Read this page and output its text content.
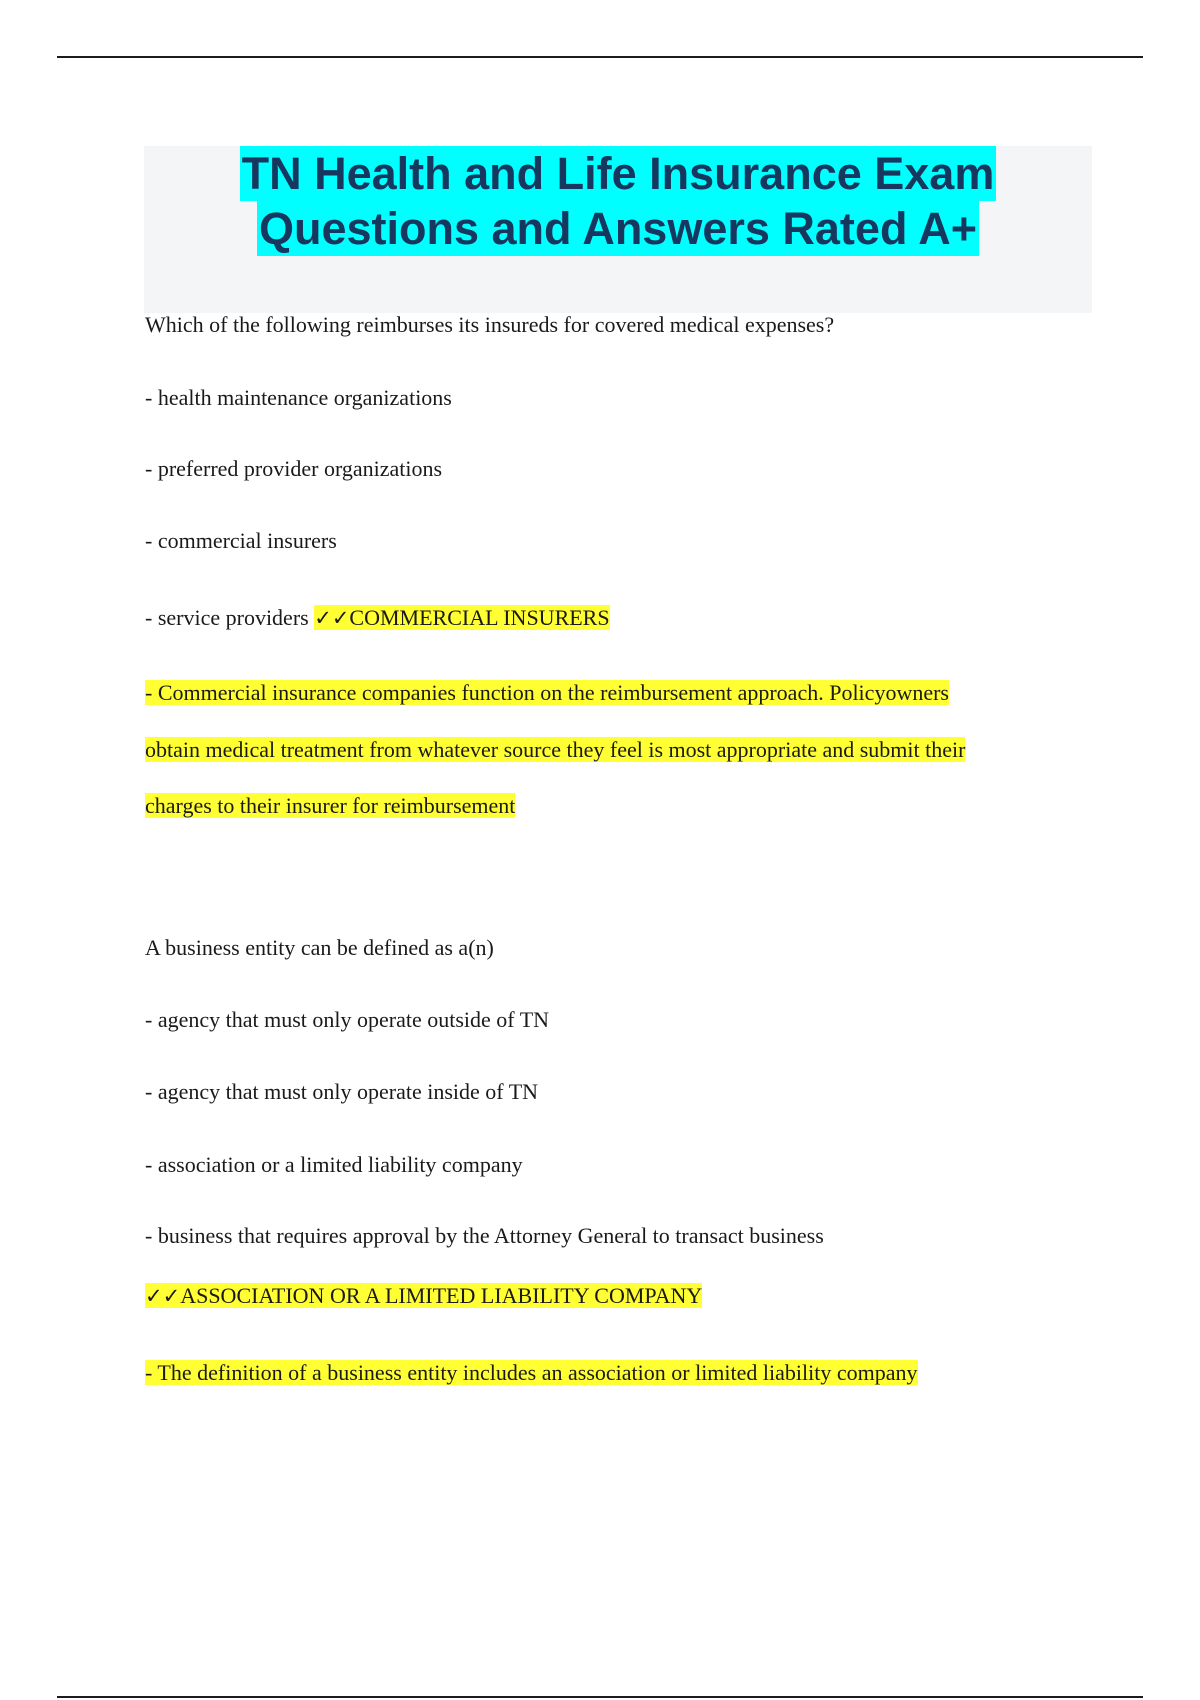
TN Health and Life Insurance Exam
Questions and Answers Rated A+
Which of the following reimburses its insureds for covered medical expenses?
- health maintenance organizations
- preferred provider organizations
- commercial insurers
- service providers ✓✓COMMERCIAL INSURERS
- Commercial insurance companies function on the reimbursement approach. Policyowners
obtain medical treatment from whatever source they feel is most appropriate and submit their
charges to their insurer for reimbursement
A business entity can be defined as a(n)
- agency that must only operate outside of TN
- agency that must only operate inside of TN
- association or a limited liability company
- business that requires approval by the Attorney General to transact business
✓✓ASSOCIATION OR A LIMITED LIABILITY COMPANY
- The definition of a business entity includes an association or limited liability company
